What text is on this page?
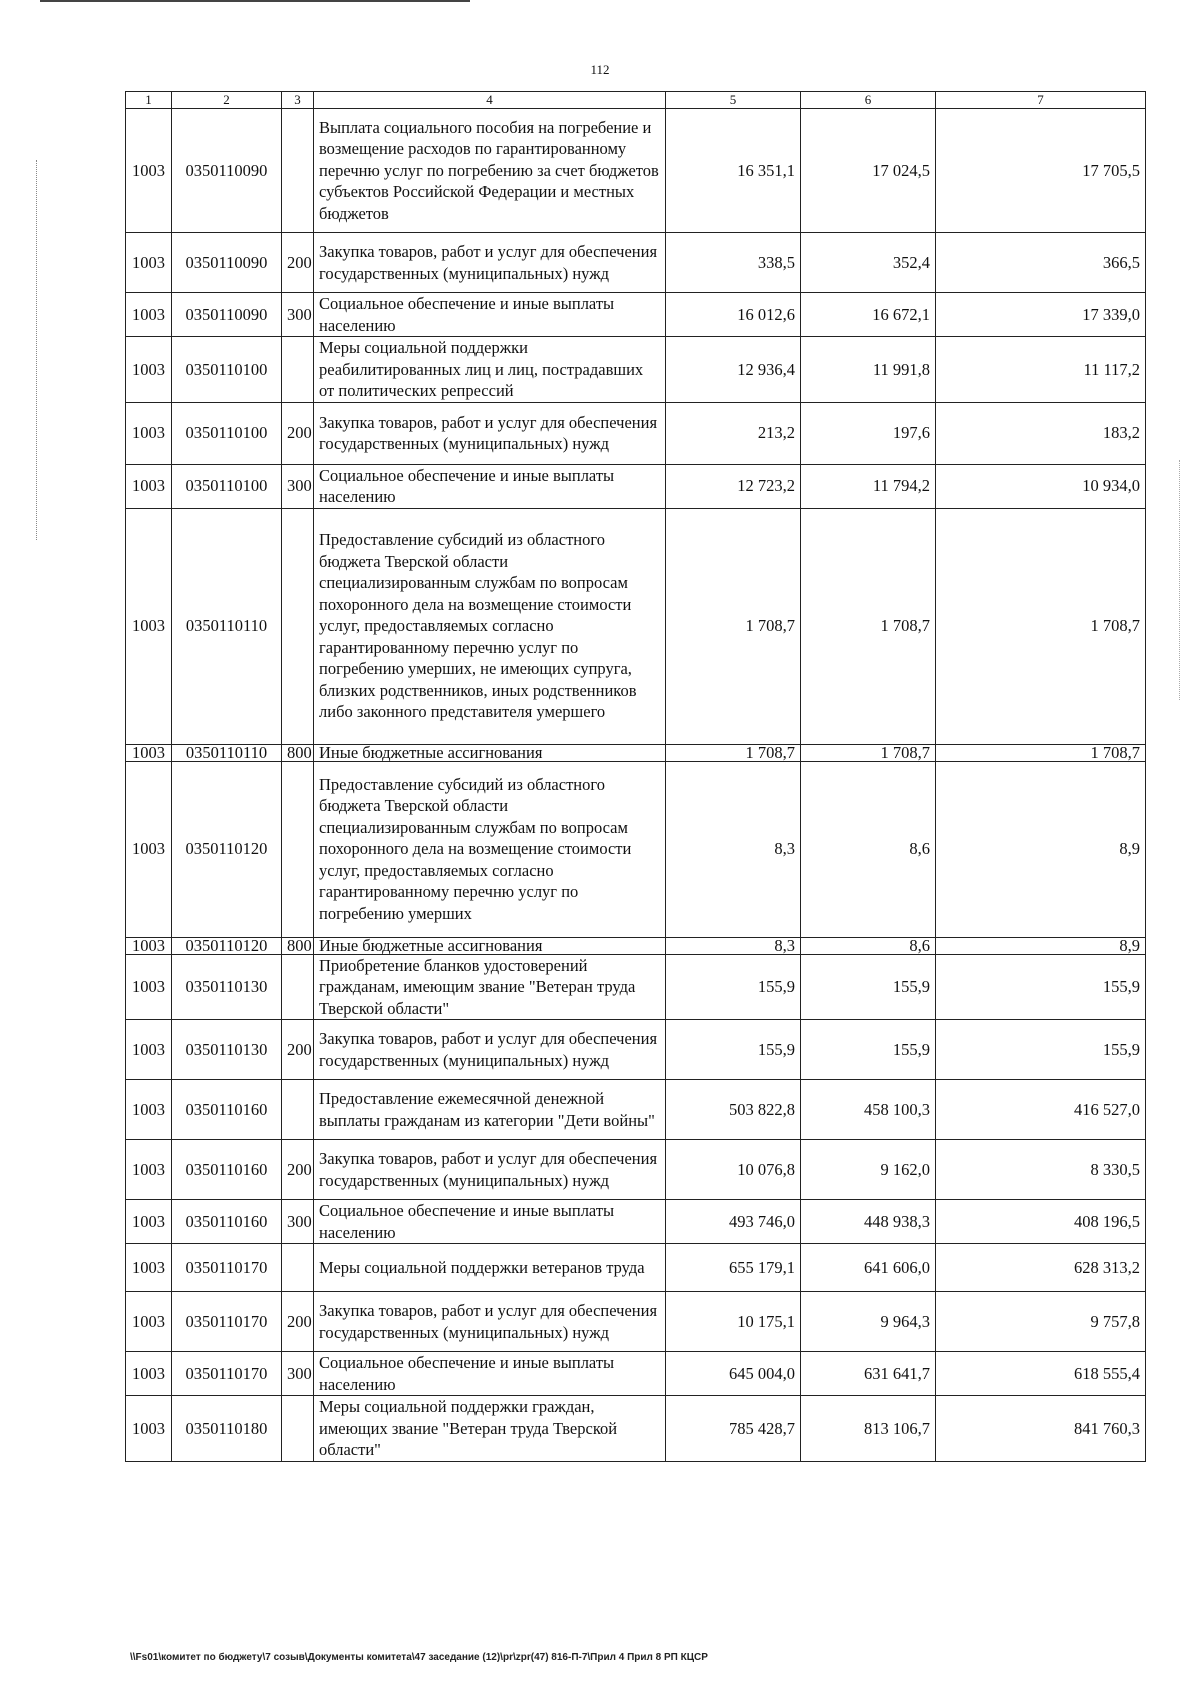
112
1	2	3	4	5	6	7
1003	0350110090		Выплата социального пособия на погребение и возмещение расходов по гарантированному перечню услуг по погребению за счет бюджетов субъектов Российской Федерации и местных бюджетов	16 351,1	17 024,5	17 705,5
1003	0350110090	200	Закупка товаров, работ и услуг для обеспечения государственных (муниципальных) нужд	338,5	352,4	366,5
1003	0350110090	300	Социальное обеспечение и иные выплаты населению	16 012,6	16 672,1	17 339,0
1003	0350110100		Меры социальной поддержки реабилитированных лиц и лиц, пострадавших от политических репрессий	12 936,4	11 991,8	11 117,2
1003	0350110100	200	Закупка товаров, работ и услуг для обеспечения государственных (муниципальных) нужд	213,2	197,6	183,2
1003	0350110100	300	Социальное обеспечение и иные выплаты населению	12 723,2	11 794,2	10 934,0
1003	0350110110		Предоставление субсидий из областного бюджета Тверской области специализированным службам по вопросам похоронного дела на возмещение стоимости услуг, предоставляемых согласно гарантированному перечню услуг по погребению умерших, не имеющих супруга, близких родственников, иных родственников либо законного представителя умершего	1 708,7	1 708,7	1 708,7
1003	0350110110	800	Иные бюджетные ассигнования	1 708,7	1 708,7	1 708,7
1003	0350110120		Предоставление субсидий из областного бюджета Тверской области специализированным службам по вопросам похоронного дела на возмещение стоимости услуг, предоставляемых согласно гарантированному перечню услуг по погребению умерших	8,3	8,6	8,9
1003	0350110120	800	Иные бюджетные ассигнования	8,3	8,6	8,9
1003	0350110130		Приобретение бланков удостоверений гражданам, имеющим звание "Ветеран труда Тверской области"	155,9	155,9	155,9
1003	0350110130	200	Закупка товаров, работ и услуг для обеспечения государственных (муниципальных) нужд	155,9	155,9	155,9
1003	0350110160		Предоставление ежемесячной денежной выплаты гражданам из категории "Дети войны"	503 822,8	458 100,3	416 527,0
1003	0350110160	200	Закупка товаров, работ и услуг для обеспечения государственных (муниципальных) нужд	10 076,8	9 162,0	8 330,5
1003	0350110160	300	Социальное обеспечение и иные выплаты населению	493 746,0	448 938,3	408 196,5
1003	0350110170		Меры социальной поддержки ветеранов труда	655 179,1	641 606,0	628 313,2
1003	0350110170	200	Закупка товаров, работ и услуг для обеспечения государственных (муниципальных) нужд	10 175,1	9 964,3	9 757,8
1003	0350110170	300	Социальное обеспечение и иные выплаты населению	645 004,0	631 641,7	618 555,4
1003	0350110180		Меры социальной поддержки граждан, имеющих звание "Ветеран труда Тверской области"	785 428,7	813 106,7	841 760,3
\\Fs01\комитет по бюджету\7 созыв\Документы комитета\47 заседание (12)\pr\zpr(47) 816-П-7\Прил 4 Прил 8 РП КЦСР
